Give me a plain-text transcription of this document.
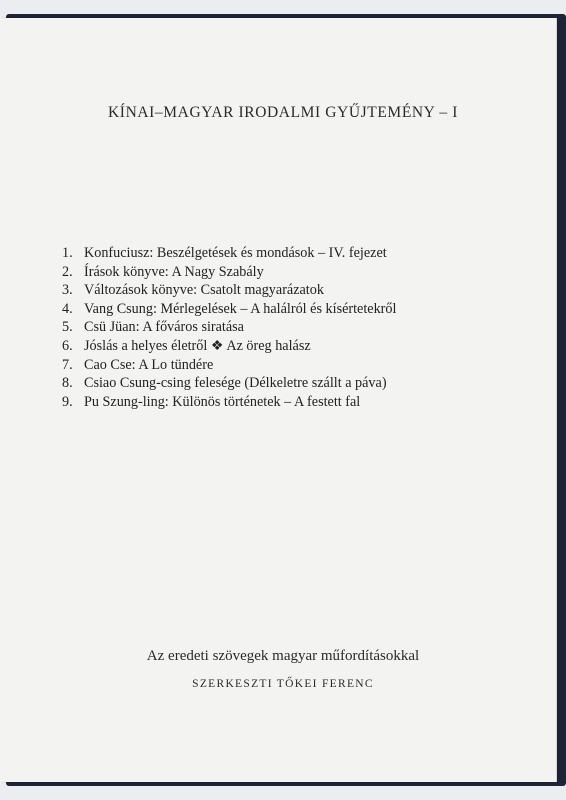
KÍNAI–MAGYAR IRODALMI GYŰJTEMÉNY – I
1. Konfuciusz: Beszélgetések és mondások – IV. fejezet
2. Írások könyve: A Nagy Szabály
3. Változások könyve: Csatolt magyarázatok
4. Vang Csung: Mérlegelések – A halálról és kísértetekről
5. Csü Jüan: A főváros siratása
6. Jóslás a helyes életről ❖ Az öreg halász
7. Cao Cse: A Lo tündére
8. Csiao Csung-csing felesége (Délkeletre szállt a páva)
9. Pu Szung-ling: Különös történetek – A festett fal
Az eredeti szövegek magyar műfordításokkal
SZERKESZTI TŐKEI FERENC
